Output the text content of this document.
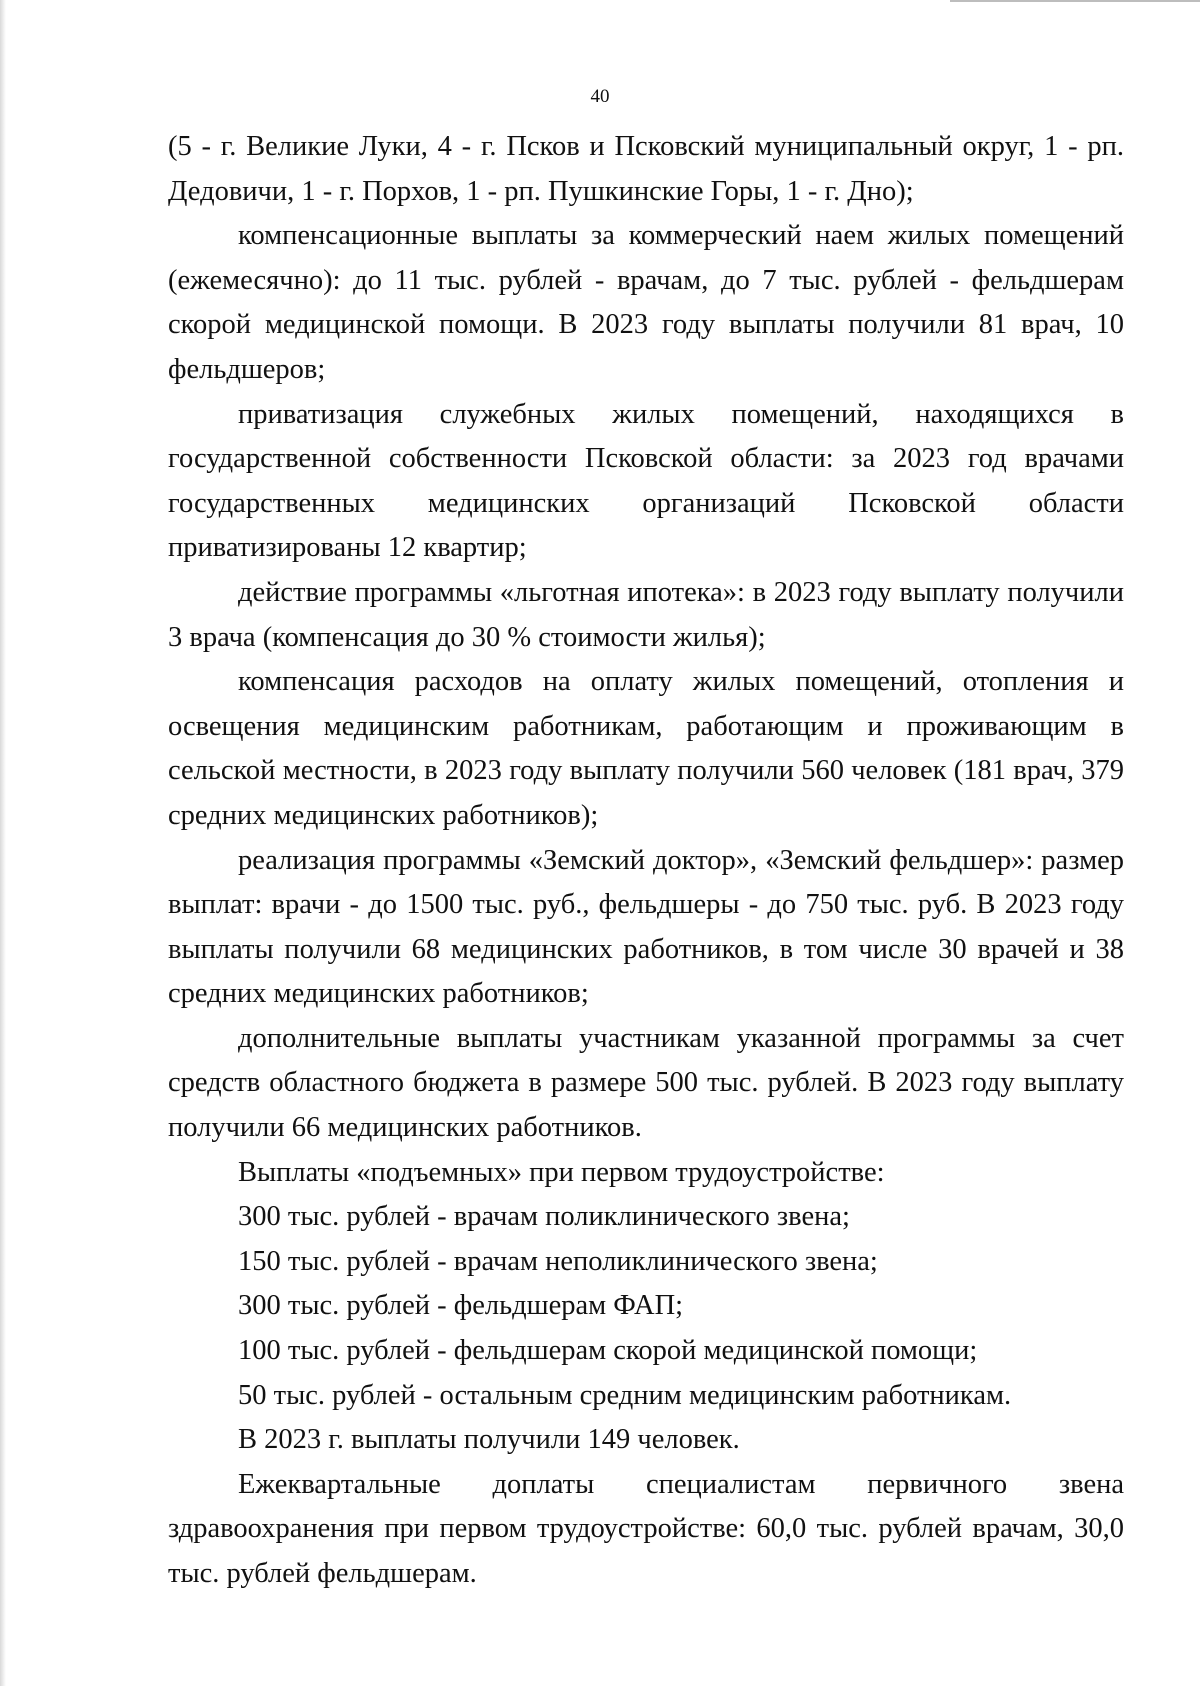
40

(5 - г. Великие Луки, 4 - г. Псков и Псковский муниципальный округ, 1 - рп. Дедовичи, 1 - г. Порхов, 1 - рп. Пушкинские Горы, 1 - г. Дно);

компенсационные выплаты за коммерческий наем жилых помещений (ежемесячно): до 11 тыс. рублей - врачам, до 7 тыс. рублей - фельдшерам скорой медицинской помощи. В 2023 году выплаты получили 81 врач, 10 фельдшеров;

приватизация служебных жилых помещений, находящихся в государственной собственности Псковской области: за 2023 год врачами государственных медицинских организаций Псковской области приватизированы 12 квартир;

действие программы «льготная ипотека»: в 2023 году выплату получили 3 врача (компенсация до 30 % стоимости жилья);

компенсация расходов на оплату жилых помещений, отопления и освещения медицинским работникам, работающим и проживающим в сельской местности, в 2023 году выплату получили 560 человек (181 врач, 379 средних медицинских работников);

реализация программы «Земский доктор», «Земский фельдшер»: размер выплат: врачи - до 1500 тыс. руб., фельдшеры - до 750 тыс. руб. В 2023 году выплаты получили 68 медицинских работников, в том числе 30 врачей и 38 средних медицинских работников;

дополнительные выплаты участникам указанной программы за счет средств областного бюджета в размере 500 тыс. рублей. В 2023 году выплату получили 66 медицинских работников.

Выплаты «подъемных» при первом трудоустройстве:

300 тыс. рублей - врачам поликлинического звена;

150 тыс. рублей - врачам неполиклинического звена;

300 тыс. рублей - фельдшерам ФАП;

100 тыс. рублей - фельдшерам скорой медицинской помощи;

50 тыс. рублей - остальным средним медицинским работникам.

В 2023 г. выплаты получили 149 человек.

Ежеквартальные доплаты специалистам первичного звена здравоохранения при первом трудоустройстве: 60,0 тыс. рублей врачам, 30,0 тыс. рублей фельдшерам.
